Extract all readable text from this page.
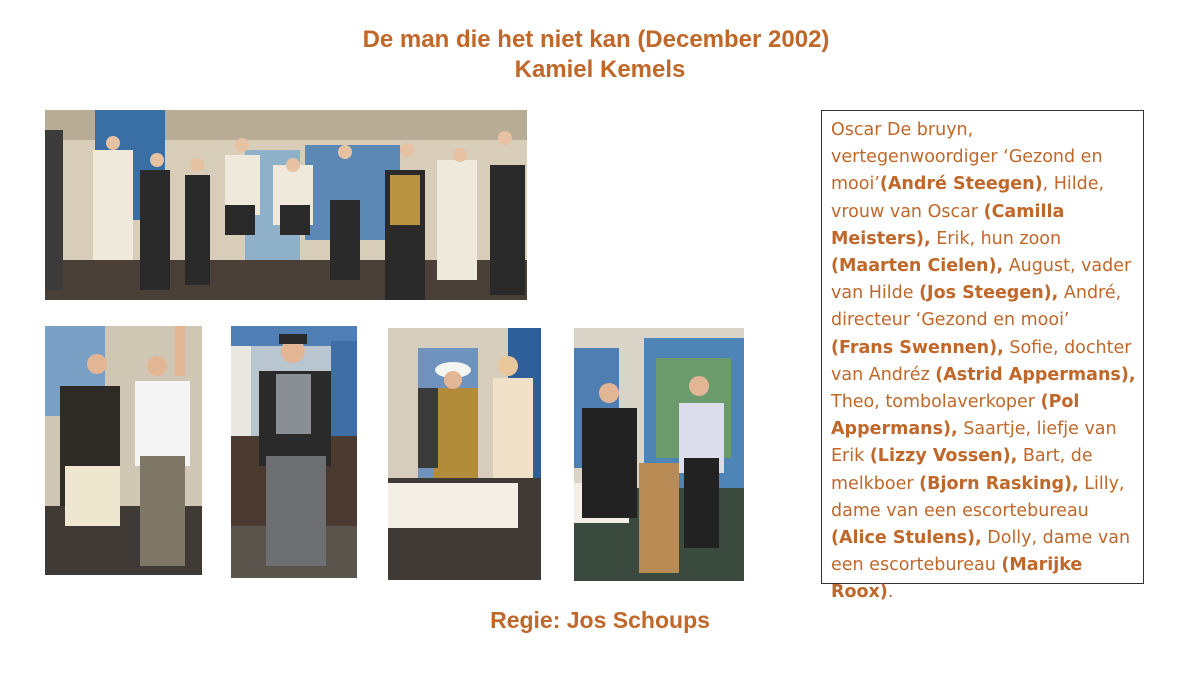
De man die het niet kan (December 2002)
Kamiel Kemels
Oscar De bruyn, vertegenwoordiger ‘Gezond en mooi’(André Steegen), Hilde, vrouw van Oscar (Camilla Meisters), Erik, hun zoon (Maarten Cielen), August, vader van Hilde (Jos Steegen), André, directeur ‘Gezond en mooi’ (Frans Swennen), Sofie, dochter van Andréz (Astrid Appermans), Theo, tombolaverkoper (Pol Appermans), Saartje, liefje van Erik (Lizzy Vossen), Bart, de melkboer (Bjorn Rasking), Lilly, dame van een escortebureau (Alice Stulens), Dolly, dame van een escortebureau (Marijke Roox).
Regie: Jos Schoups
